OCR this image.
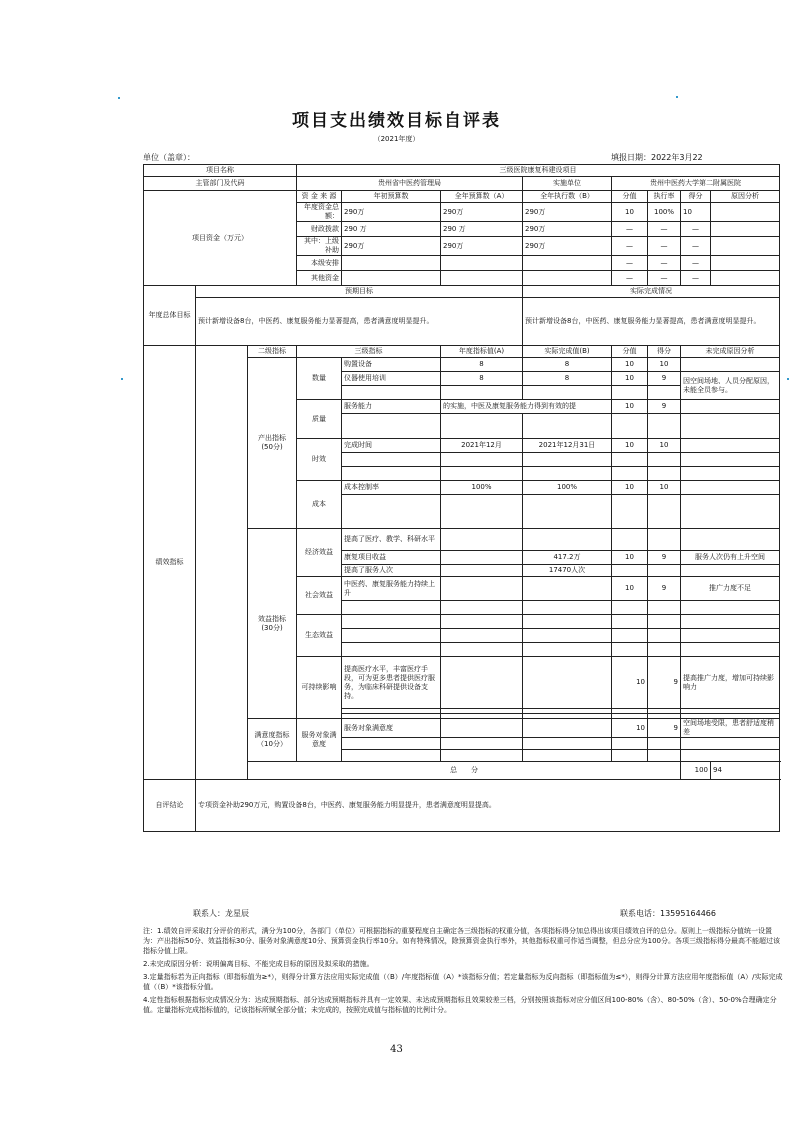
项目支出绩效目标自评表
（2021年度）
单位（盖章）：	填报日期：2022年3月22
项目名称			三级医院康复科建设项目								
主管部门及代码			贵州省中医药管理局			实施单位	贵州中医药大学第二附属医院				
项目资金（万元）			资 金 来 源	年初预算数	全年预算数（A）	全年执行数（B）	分值	执行率	得分	原因分析	
			年度资金总额：	290万	290万	290万	10	100%	10		
			财政拨款	290 万	290 万	290万	—	—	—		
			其中：上级补助	290万	290万	290万	—	—	—		
			本级安排				—	—	—		
			其他资金				—	—	—		
年度总体目标	预期目标					实际完成情况					
	预计新增设备8台，中医药、康复服务能力显著提高，患者满意度明显提升。					预计新增设备8台，中医药、康复服务能力显著提高，患者满意度明显提升。					
绩效指标		二级指标	三级指标		年度指标值(A)	实际完成值(B)	分值	得分	未完成原因分析		
		产出指标
(50分)	数量	购置设备	8	8	10	10			
				仪器使用培训	8	8	10	9	因空间场地、人员分配原因，未能全员参与。		

			质量	服务能力	的实施，中医及康复服务能力得到有效的提		10	9			

			时效	完成时间	2021年12月	2021年12月31日	10	10			

			成本	成本控制率	100%	100%	10	10			

		效益指标
(30分)	经济效益	提高了医疗、教学、科研水平							
				康复项目收益		417.2万	10	9	服务人次仍有上升空间		
				提高了服务人次		17470人次					
			社会效益	中医药、康复服务能力持续上升			10	9	推广力度不足		

			生态效益								

			可持续影响	提高医疗水平，丰富医疗手段，可为更多患者提供医疗服务，为临床科研提供设备支持。			10	9	提高推广力度，增加可持续影响力		

		满意度指标
（10分）	服务对象满意度	服务对象满意度			10	9	空间场地受限，患者舒适度稍差		

		总　　分							100	94	
自评结论	专项资金补助290万元，购置设备8台，中医药、康复服务能力明显提升，患者满意度明显提高。										
联系人：龙星辰	联系电话：13595164466

注：1.绩效自评采取打分评价的形式，满分为100分，各部门（单位）可根据指标的重要程度自主确定各三级指标的权重分值，各项指标得分加总得出该项目绩效自评的总分。原则上一级指标分值统一设置为：产出指标50分、效益指标30分、服务对象满意度10分、预算资金执行率10分。如有特殊情况，除预算资金执行率外，其他指标权重可作适当调整，但总分应为100分。各项三级指标得分最高不能超过该指标分值上限。

2.未完成原因分析：说明偏离目标、不能完成目标的原因及拟采取的措施。

3.定量指标若为正向指标（即指标值为≥*），则得分计算方法应用实际完成值（（B）/年度指标值（A）*该指标分值；若定量指标为反向指标（即指标值为≤*），则得分计算方法应用年度指标值（A）/实际完成值（（B）*该指标分值。

4.定性指标根据指标完成情况分为：达成预期指标、部分达成预期指标并具有一定效果、未达成预期指标且效果较差三档，分别按照该指标对应分值区间100-80%（含）、80-50%（含）、50-0%合理确定分值。定量指标完成指标值的，记该指标所赋全部分值；未完成的，按照完成值与指标值的比例计分。

43
